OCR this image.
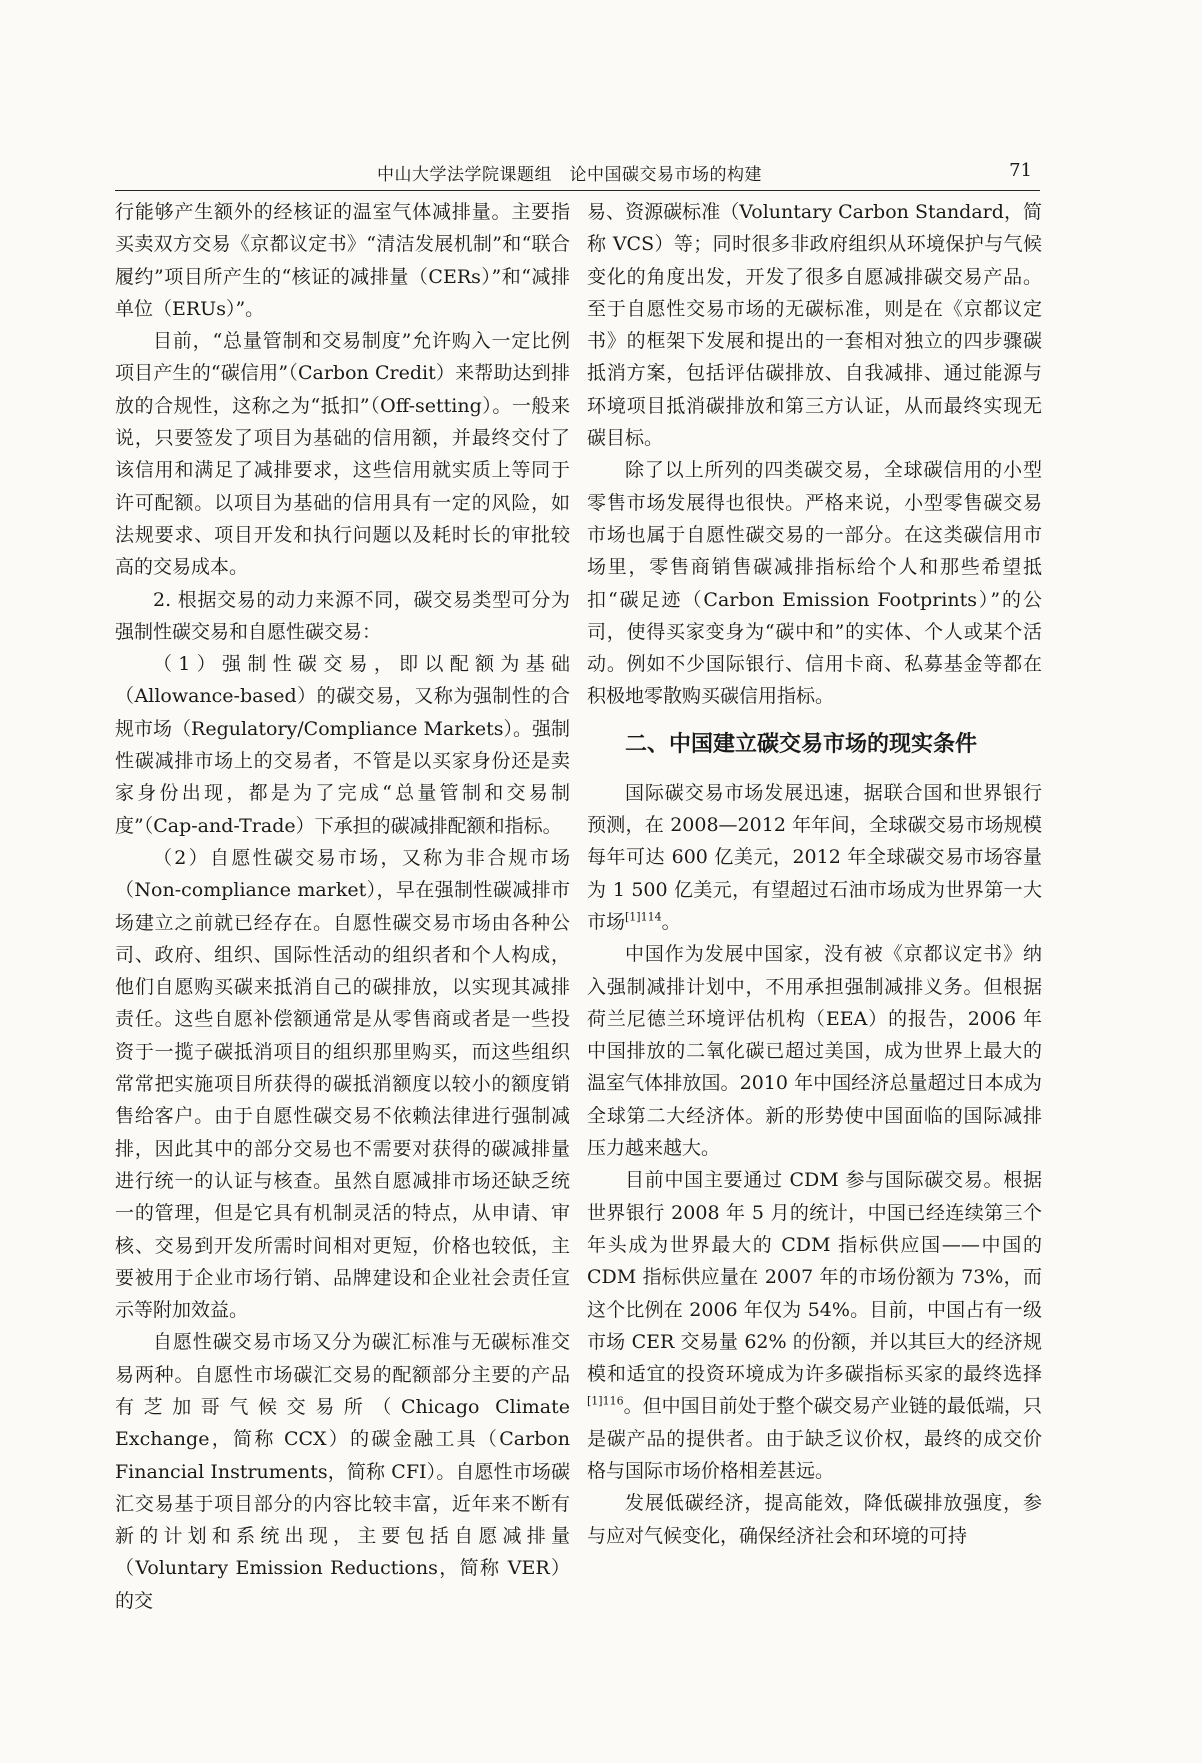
中山大学法学院课题组　论中国碳交易市场的构建	71

行能够产生额外的经核证的温室气体减排量。主要指买卖双方交易《京都议定书》“清洁发展机制”和“联合履约”项目所产生的“核证的减排量（CERs）”和“减排单位（ERUs）”。

目前，“总量管制和交易制度”允许购入一定比例项目产生的“碳信用”（Carbon Credit）来帮助达到排放的合规性，这称之为“抵扣”（Off-setting）。一般来说，只要签发了项目为基础的信用额，并最终交付了该信用和满足了减排要求，这些信用就实质上等同于许可配额。以项目为基础的信用具有一定的风险，如法规要求、项目开发和执行问题以及耗时长的审批较高的交易成本。

2. 根据交易的动力来源不同，碳交易类型可分为强制性碳交易和自愿性碳交易：

（1）强制性碳交易，即以配额为基础（Allowance-based）的碳交易，又称为强制性的合规市场（Regulatory/Compliance Markets）。强制性碳减排市场上的交易者，不管是以买家身份还是卖家身份出现，都是为了完成“总量管制和交易制度”（Cap-and-Trade）下承担的碳减排配额和指标。

（2）自愿性碳交易市场，又称为非合规市场（Non-compliance market），早在强制性碳减排市场建立之前就已经存在。自愿性碳交易市场由各种公司、政府、组织、国际性活动的组织者和个人构成，他们自愿购买碳来抵消自己的碳排放，以实现其减排责任。这些自愿补偿额通常是从零售商或者是一些投资于一揽子碳抵消项目的组织那里购买，而这些组织常常把实施项目所获得的碳抵消额度以较小的额度销售给客户。由于自愿性碳交易不依赖法律进行强制减排，因此其中的部分交易也不需要对获得的碳减排量进行统一的认证与核查。虽然自愿减排市场还缺乏统一的管理，但是它具有机制灵活的特点，从申请、审核、交易到开发所需时间相对更短，价格也较低，主要被用于企业市场行销、品牌建设和企业社会责任宣示等附加效益。

自愿性碳交易市场又分为碳汇标准与无碳标准交易两种。自愿性市场碳汇交易的配额部分主要的产品有芝加哥气候交易所（Chicago Climate Exchange，简称 CCX）的碳金融工具（Carbon Financial Instruments，简称 CFI）。自愿性市场碳汇交易基于项目部分的内容比较丰富，近年来不断有新的计划和系统出现，主要包括自愿减排量（Voluntary Emission Reductions，简称 VER）的交

易、资源碳标准（Voluntary Carbon Standard，简称 VCS）等；同时很多非政府组织从环境保护与气候变化的角度出发，开发了很多自愿减排碳交易产品。至于自愿性交易市场的无碳标准，则是在《京都议定书》的框架下发展和提出的一套相对独立的四步骤碳抵消方案，包括评估碳排放、自我减排、通过能源与环境项目抵消碳排放和第三方认证，从而最终实现无碳目标。

除了以上所列的四类碳交易，全球碳信用的小型零售市场发展得也很快。严格来说，小型零售碳交易市场也属于自愿性碳交易的一部分。在这类碳信用市场里，零售商销售碳减排指标给个人和那些希望抵扣“碳足迹（Carbon Emission Footprints）”的公司，使得买家变身为“碳中和”的实体、个人或某个活动。例如不少国际银行、信用卡商、私募基金等都在积极地零散购买碳信用指标。

二、中国建立碳交易市场的现实条件

国际碳交易市场发展迅速，据联合国和世界银行预测，在 2008—2012 年年间，全球碳交易市场规模每年可达 600 亿美元，2012 年全球碳交易市场容量为 1 500 亿美元，有望超过石油市场成为世界第一大市场$^{[1]114}$。

中国作为发展中国家，没有被《京都议定书》纳入强制减排计划中，不用承担强制减排义务。但根据荷兰尼德兰环境评估机构（EEA）的报告，2006 年中国排放的二氧化碳已超过美国，成为世界上最大的温室气体排放国。2010 年中国经济总量超过日本成为全球第二大经济体。新的形势使中国面临的国际减排压力越来越大。

目前中国主要通过 CDM 参与国际碳交易。根据世界银行 2008 年 5 月的统计，中国已经连续第三个年头成为世界最大的 CDM 指标供应国——中国的 CDM 指标供应量在 2007 年的市场份额为 73%，而这个比例在 2006 年仅为 54%。目前，中国占有一级市场 CER 交易量 62% 的份额，并以其巨大的经济规模和适宜的投资环境成为许多碳指标买家的最终选择$^{[1]116}$。但中国目前处于整个碳交易产业链的最低端，只是碳产品的提供者。由于缺乏议价权，最终的成交价格与国际市场价格相差甚远。

发展低碳经济，提高能效，降低碳排放强度，参与应对气候变化，确保经济社会和环境的可持
